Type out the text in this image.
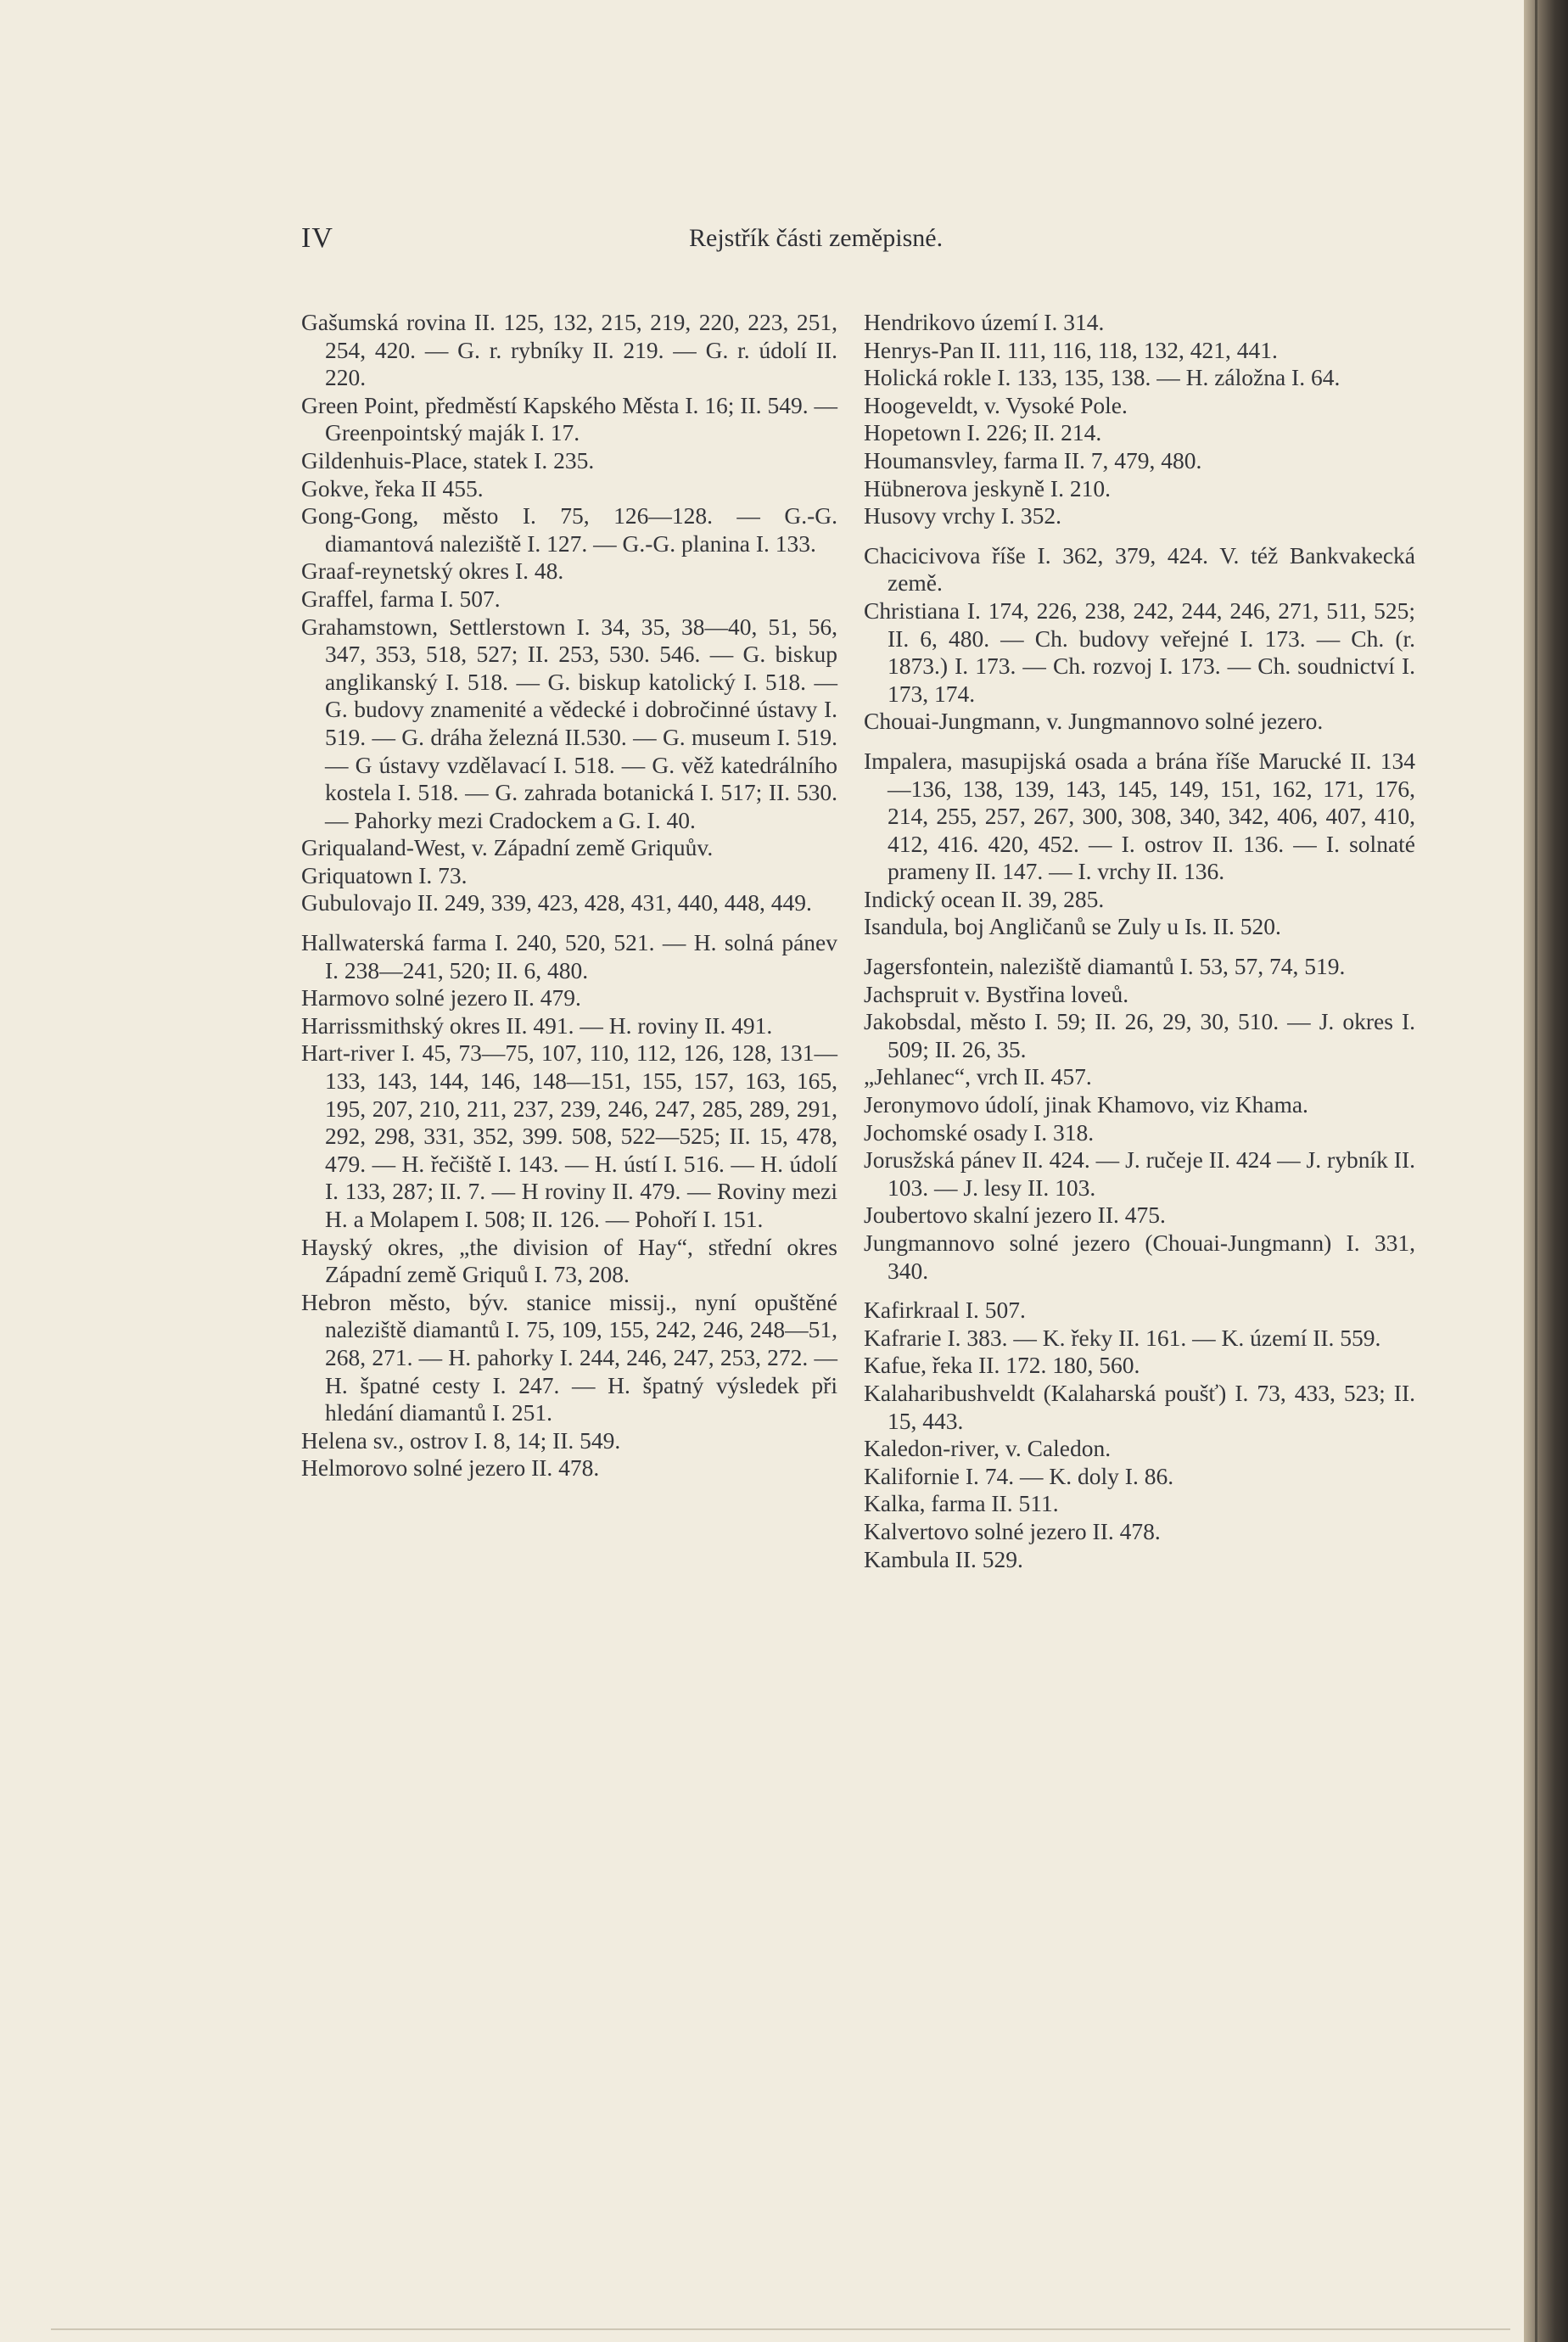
IV	Rejstřík části zeměpisné.

Gašumská rovina II. 125, 132, 215, 219, 220, 223, 251, 254, 420. — G. r. rybníky II. 219. — G. r. údolí II. 220.

Green Point, předměstí Kapského Města I. 16; II. 549. — Greenpointský maják I. 17.

Gildenhuis-Place, statek I. 235.

Gokve, řeka II 455.

Gong-Gong, město I. 75, 126—128. — G.-G. diamantová naleziště I. 127. — G.-G. planina I. 133.

Graaf-reynetský okres I. 48.

Graffel, farma I. 507.

Grahamstown, Settlerstown I. 34, 35, 38—40, 51, 56, 347, 353, 518, 527; II. 253, 530. 546. — G. biskup anglikanský I. 518. — G. biskup katolický I. 518. — G. budovy znamenité a vědecké i dobročinné ústavy I. 519. — G. dráha železná II.530. — G. museum I. 519. — G ústavy vzdělavací I. 518. — G. věž katedrálního kostela I. 518. — G. zahrada botanická I. 517; II. 530. — Pahorky mezi Cradockem a G. I. 40.

Griqualand-West, v. Západní země Griquův.

Griquatown I. 73.

Gubulovajo II. 249, 339, 423, 428, 431, 440, 448, 449.

Hallwaterská farma I. 240, 520, 521. — H. solná pánev I. 238—241, 520; II. 6, 480.

Harmovo solné jezero II. 479.

Harrissmithský okres II. 491. — H. roviny II. 491.

Hart-river I. 45, 73—75, 107, 110, 112, 126, 128, 131—133, 143, 144, 146, 148—151, 155, 157, 163, 165, 195, 207, 210, 211, 237, 239, 246, 247, 285, 289, 291, 292, 298, 331, 352, 399. 508, 522—525; II. 15, 478, 479. — H. řečiště I. 143. — H. ústí I. 516. — H. údolí I. 133, 287; II. 7. — H roviny II. 479. — Roviny mezi H. a Molapem I. 508; II. 126. — Pohoří I. 151.

Hayský okres, „the division of Hay“, střední okres Západní země Griquů I. 73, 208.

Hebron město, býv. stanice missij., nyní opuštěné naleziště diamantů I. 75, 109, 155, 242, 246, 248—51, 268, 271. — H. pahorky I. 244, 246, 247, 253, 272. — H. špatné cesty I. 247. — H. špatný výsledek při hledání diamantů I. 251.

Helena sv., ostrov I. 8, 14; II. 549.

Helmorovo solné jezero II. 478.

Hendrikovo území I. 314.

Henrys-Pan II. 111, 116, 118, 132, 421, 441.

Holická rokle I. 133, 135, 138. — H. záložna I. 64.

Hoogeveldt, v. Vysoké Pole.

Hopetown I. 226; II. 214.

Houmansvley, farma II. 7, 479, 480.

Hübnerova jeskyně I. 210.

Husovy vrchy I. 352.

Chacicivova říše I. 362, 379, 424. V. též Bankvakecká země.

Christiana I. 174, 226, 238, 242, 244, 246, 271, 511, 525; II. 6, 480. — Ch. budovy veřejné I. 173. — Ch. (r. 1873.) I. 173. — Ch. rozvoj I. 173. — Ch. soudnictví I. 173, 174.

Chouai-Jungmann, v. Jungmannovo solné jezero.

Impalera, masupijská osada a brána říše Marucké II. 134—136, 138, 139, 143, 145, 149, 151, 162, 171, 176, 214, 255, 257, 267, 300, 308, 340, 342, 406, 407, 410, 412, 416. 420, 452. — I. ostrov II. 136. — I. solnaté prameny II. 147. — I. vrchy II. 136.

Indický ocean II. 39, 285.

Isandula, boj Angličanů se Zuly u Is. II. 520.

Jagersfontein, naleziště diamantů I. 53, 57, 74, 519.

Jachspruit v. Bystřina loveů.

Jakobsdal, město I. 59; II. 26, 29, 30, 510. — J. okres I. 509; II. 26, 35.

„Jehlanec“, vrch II. 457.

Jeronymovo údolí, jinak Khamovo, viz Khama.

Jochomské osady I. 318.

Jorusžská pánev II. 424. — J. ručeje II. 424 — J. rybník II. 103. — J. lesy II. 103.

Joubertovo skalní jezero II. 475.

Jungmannovo solné jezero (Chouai-Jungmann) I. 331, 340.

Kafirkraal I. 507.

Kafrarie I. 383. — K. řeky II. 161. — K. území II. 559.

Kafue, řeka II. 172. 180, 560.

Kalaharibushveldt (Kalaharská poušť) I. 73, 433, 523; II. 15, 443.

Kaledon-river, v. Caledon.

Kalifornie I. 74. — K. doly I. 86.

Kalka, farma II. 511.

Kalvertovo solné jezero II. 478.

Kambula II. 529.
